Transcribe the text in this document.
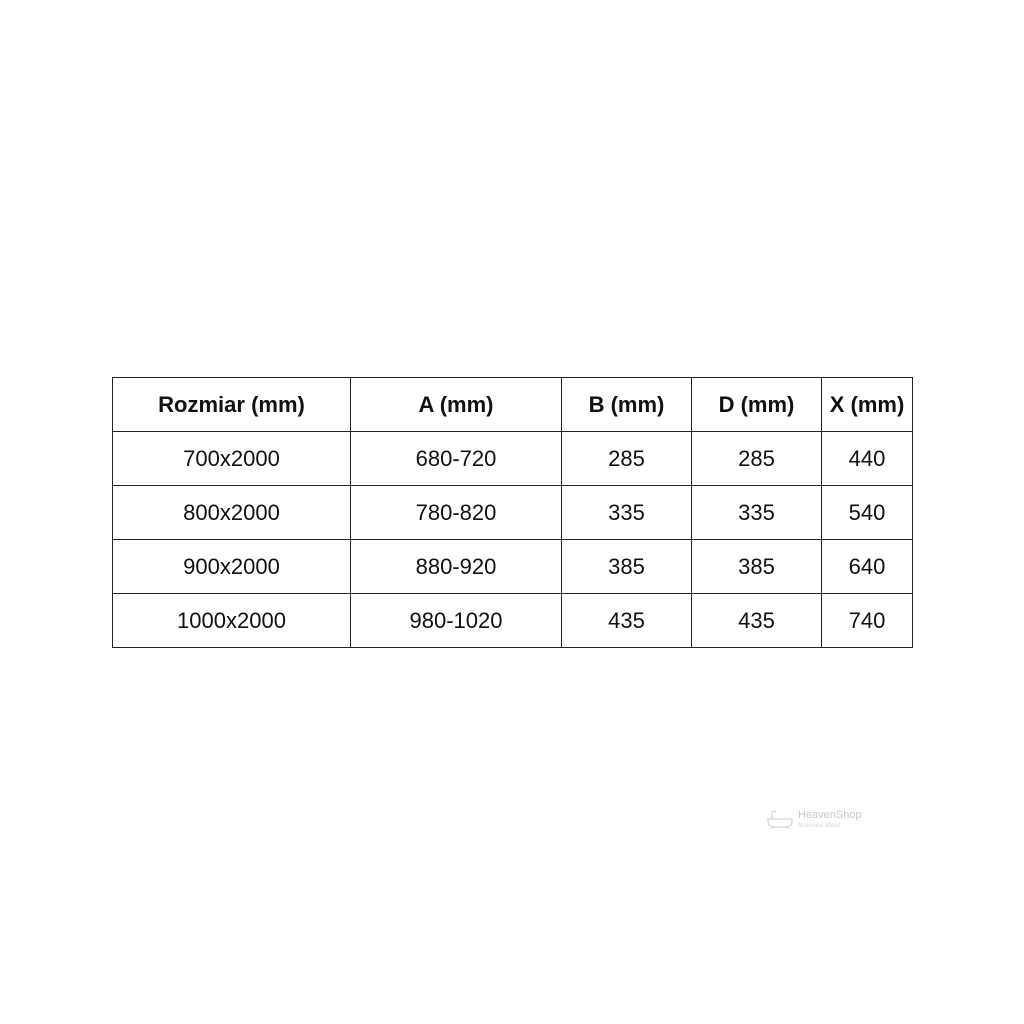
Rozmiar (mm)	A (mm)	B (mm)	D (mm)	X (mm)
700x2000	680-720	285	285	440
800x2000	780-820	335	335	540
900x2000	880-920	385	385	640
1000x2000	980-1020	435	435	740
HeavenShop
łazienka ideal
